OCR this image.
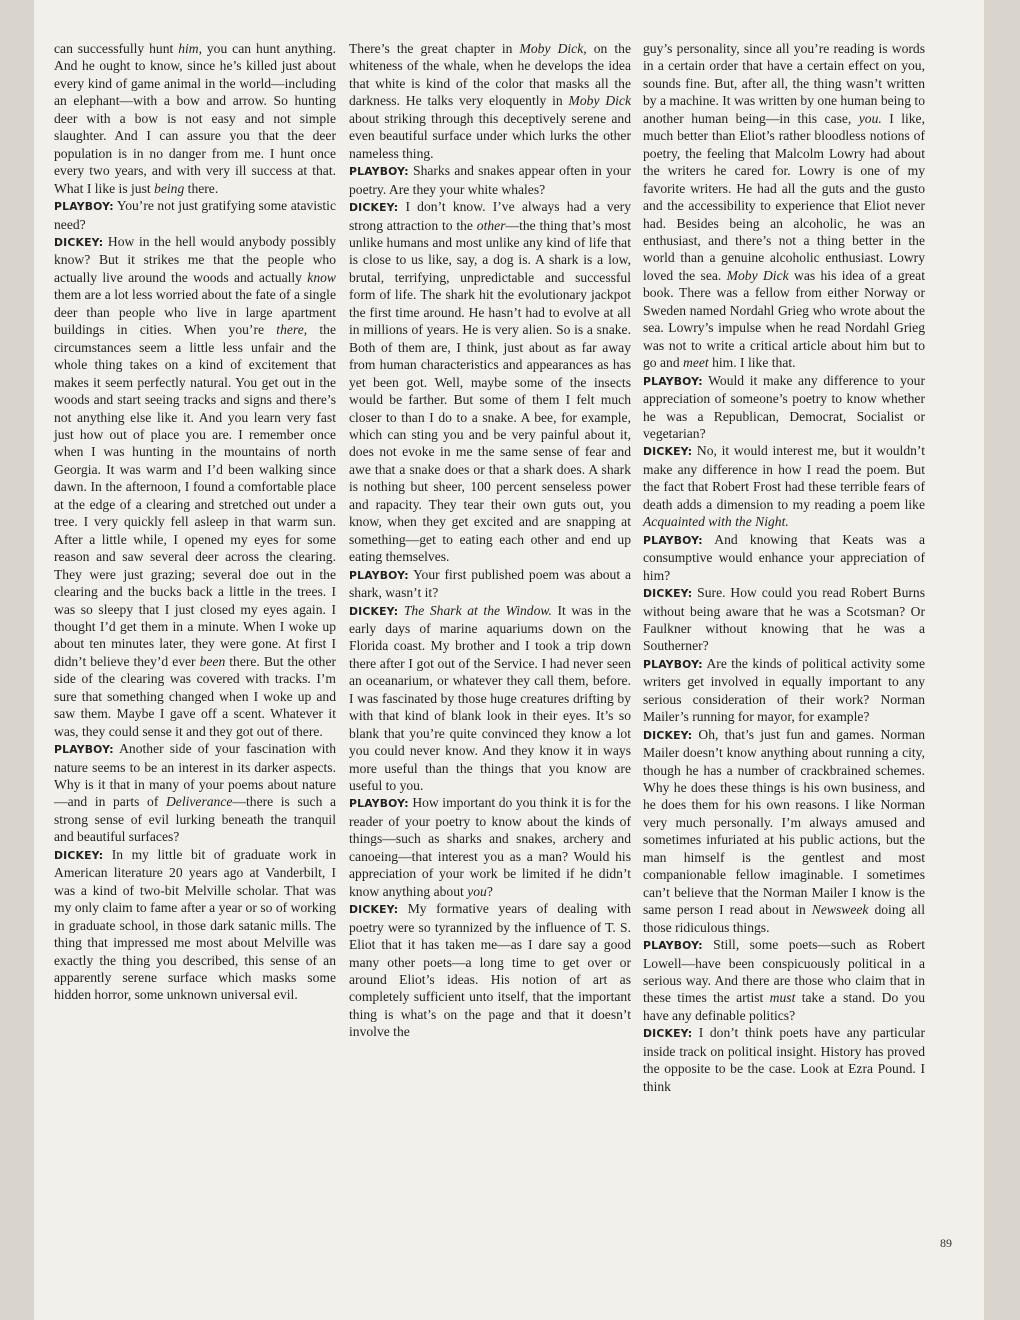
can successfully hunt him, you can hunt anything. And he ought to know, since he’s killed just about every kind of game animal in the world—including an elephant—with a bow and arrow. So hunting deer with a bow is not easy and not simple slaughter. And I can assure you that the deer population is in no danger from me. I hunt once every two years, and with very ill success at that. What I like is just being there.
PLAYBOY: You’re not just gratifying some atavistic need?
DICKEY: How in the hell would anybody possibly know? But it strikes me that the people who actually live around the woods and actually know them are a lot less worried about the fate of a single deer than people who live in large apartment buildings in cities. When you’re there, the circumstances seem a little less unfair and the whole thing takes on a kind of excitement that makes it seem perfectly natural. You get out in the woods and start seeing tracks and signs and there’s not anything else like it. And you learn very fast just how out of place you are. I remember once when I was hunting in the mountains of north Georgia. It was warm and I’d been walking since dawn. In the afternoon, I found a comfortable place at the edge of a clearing and stretched out under a tree. I very quickly fell asleep in that warm sun. After a little while, I opened my eyes for some reason and saw several deer across the clearing. They were just grazing; several doe out in the clearing and the bucks back a little in the trees. I was so sleepy that I just closed my eyes again. I thought I’d get them in a minute. When I woke up about ten minutes later, they were gone. At first I didn’t believe they’d ever been there. But the other side of the clearing was covered with tracks. I’m sure that something changed when I woke up and saw them. Maybe I gave off a scent. Whatever it was, they could sense it and they got out of there.
PLAYBOY: Another side of your fascination with nature seems to be an interest in its darker aspects. Why is it that in many of your poems about nature—and in parts of Deliverance—there is such a strong sense of evil lurking beneath the tranquil and beautiful surfaces?
DICKEY: In my little bit of graduate work in American literature 20 years ago at Vanderbilt, I was a kind of two-bit Melville scholar. That was my only claim to fame after a year or so of working in graduate school, in those dark satanic mills. The thing that impressed me most about Melville was exactly the thing you described, this sense of an apparently serene surface which masks some hidden horror, some unknown universal evil.

There’s the great chapter in Moby Dick, on the whiteness of the whale, when he develops the idea that white is kind of the color that masks all the darkness. He talks very eloquently in Moby Dick about striking through this deceptively serene and even beautiful surface under which lurks the other nameless thing.
PLAYBOY: Sharks and snakes appear often in your poetry. Are they your white whales?
DICKEY: I don’t know. I’ve always had a very strong attraction to the other—the thing that’s most unlike humans and most unlike any kind of life that is close to us like, say, a dog is. A shark is a low, brutal, terrifying, unpredictable and successful form of life. The shark hit the evolutionary jackpot the first time around. He hasn’t had to evolve at all in millions of years. He is very alien. So is a snake. Both of them are, I think, just about as far away from human characteristics and appearances as has yet been got. Well, maybe some of the insects would be farther. But some of them I felt much closer to than I do to a snake. A bee, for example, which can sting you and be very painful about it, does not evoke in me the same sense of fear and awe that a snake does or that a shark does. A shark is nothing but sheer, 100 percent senseless power and rapacity. They tear their own guts out, you know, when they get excited and are snapping at something—get to eating each other and end up eating themselves.
PLAYBOY: Your first published poem was about a shark, wasn’t it?
DICKEY: The Shark at the Window. It was in the early days of marine aquariums down on the Florida coast. My brother and I took a trip down there after I got out of the Service. I had never seen an oceanarium, or whatever they call them, before. I was fascinated by those huge creatures drifting by with that kind of blank look in their eyes. It’s so blank that you’re quite convinced they know a lot you could never know. And they know it in ways more useful than the things that you know are useful to you.
PLAYBOY: How important do you think it is for the reader of your poetry to know about the kinds of things—such as sharks and snakes, archery and canoeing—that interest you as a man? Would his appreciation of your work be limited if he didn’t know anything about you?
DICKEY: My formative years of dealing with poetry were so tyrannized by the influence of T. S. Eliot that it has taken me—as I dare say a good many other poets—a long time to get over or around Eliot’s ideas. His notion of art as completely sufficient unto itself, that the important thing is what’s on the page and that it doesn’t involve the

guy’s personality, since all you’re reading is words in a certain order that have a certain effect on you, sounds fine. But, after all, the thing wasn’t written by a machine. It was written by one human being to another human being—in this case, you. I like, much better than Eliot’s rather bloodless notions of poetry, the feeling that Malcolm Lowry had about the writers he cared for. Lowry is one of my favorite writers. He had all the guts and the gusto and the accessibility to experience that Eliot never had. Besides being an alcoholic, he was an enthusiast, and there’s not a thing better in the world than a genuine alcoholic enthusiast. Lowry loved the sea. Moby Dick was his idea of a great book. There was a fellow from either Norway or Sweden named Nordahl Grieg who wrote about the sea. Lowry’s impulse when he read Nordahl Grieg was not to write a critical article about him but to go and meet him. I like that.
PLAYBOY: Would it make any difference to your appreciation of someone’s poetry to know whether he was a Republican, Democrat, Socialist or vegetarian?
DICKEY: No, it would interest me, but it wouldn’t make any difference in how I read the poem. But the fact that Robert Frost had these terrible fears of death adds a dimension to my reading a poem like Acquainted with the Night.
PLAYBOY: And knowing that Keats was a consumptive would enhance your appreciation of him?
DICKEY: Sure. How could you read Robert Burns without being aware that he was a Scotsman? Or Faulkner without knowing that he was a Southerner?
PLAYBOY: Are the kinds of political activity some writers get involved in equally important to any serious consideration of their work? Norman Mailer’s running for mayor, for example?
DICKEY: Oh, that’s just fun and games. Norman Mailer doesn’t know anything about running a city, though he has a number of crackbrained schemes. Why he does these things is his own business, and he does them for his own reasons. I like Norman very much personally. I’m always amused and sometimes infuriated at his public actions, but the man himself is the gentlest and most companionable fellow imaginable. I sometimes can’t believe that the Norman Mailer I know is the same person I read about in Newsweek doing all those ridiculous things.
PLAYBOY: Still, some poets—such as Robert Lowell—have been conspicuously political in a serious way. And there are those who claim that in these times the artist must take a stand. Do you have any definable politics?
DICKEY: I don’t think poets have any particular inside track on political insight. History has proved the opposite to be the case. Look at Ezra Pound. I think

89
